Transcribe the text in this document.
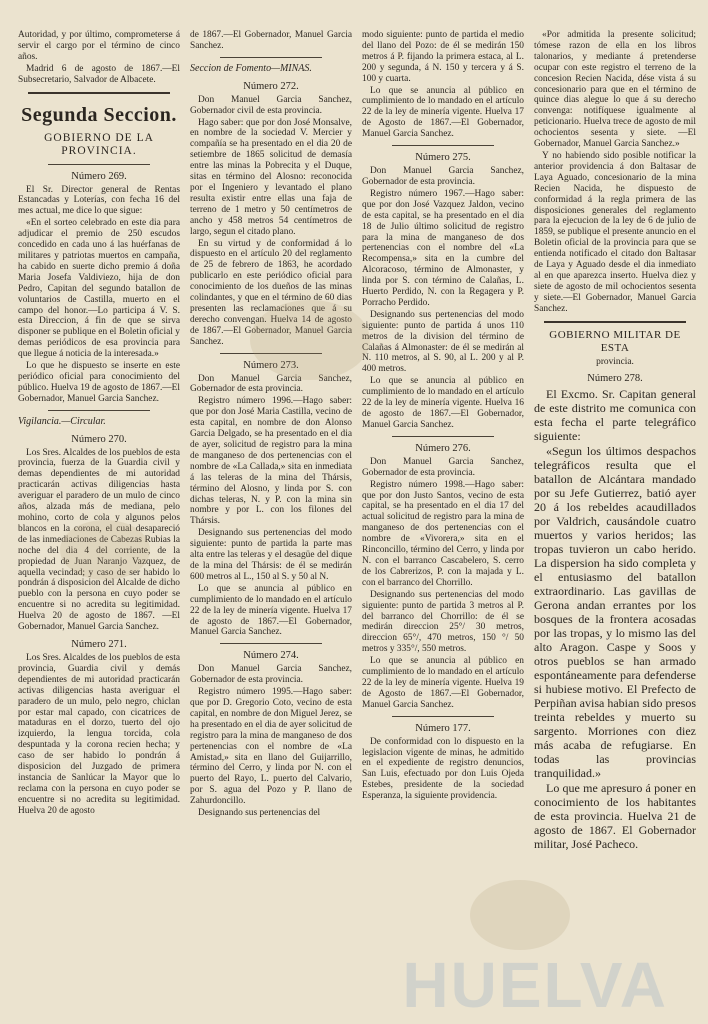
Autoridad, y por último, comprometerse á servir el cargo por el término de cinco años.

Madrid 6 de agosto de 1867.—El Subsecretario, Salvador de Albacete.

Segunda Seccion.
GOBIERNO DE LA PROVINCIA.

Número 269.

El Sr. Director general de Rentas Estancadas y Loterías, con fecha 16 del mes actual, me dice lo que sigue:

«En el sorteo celebrado en este dia para adjudicar el premio de 250 escudos concedido en cada uno á las huérfanas de militares y patriotas muertos en campaña, ha cabido en suerte dicho premio á doña Maria Josefa Valdiviezo, hija de don Pedro, Capitan del segundo batallon de voluntarios de Castilla, muerto en el campo del honor.—Lo participa á V. S. esta Direccion, á fin de que se sirva disponer se publique en el Boletin oficial y demas periódicos de esa provincia para que llegue á noticia de la interesada.»

Lo que he dispuesto se inserte en este periódico oficial para conocimiento del público. Huelva 19 de agosto de 1867.—El Gobernador, Manuel Garcia Sanchez.

Vigilancia.—Circular.

Número 270.

Los Sres. Alcaldes de los pueblos de esta provincia, fuerza de la Guardia civil y demas dependientes de mi autoridad practicarán activas diligencias hasta averiguar el paradero de un mulo de cinco años, alzada más de mediana, pelo mohino, corto de cola y algunos pelos blancos en la corona, el cual desapareció de las inmediaciones de Cabezas Rubias la noche del dia 4 del corriente, de la propiedad de Juan Naranjo Vazquez, de aquella vecindad; y caso de ser habido lo pondrán á disposicion del Alcalde de dicho pueblo con la persona en cuyo poder se encuentre si no acredita su legitimidad. Huelva 20 de agosto de 1867. —El Gobernador, Manuel Garcia Sanchez.

Número 271.

Los Sres. Alcaldes de los pueblos de esta provincia, Guardia civil y demás dependientes de mi autoridad practicarán activas diligencias hasta averiguar el paradero de un mulo, pelo negro, chiclan por estar mal capado, con cicatrices de mataduras en el dorzo, tuerto del ojo izquierdo, la lengua torcida, cola despuntada y la corona recien hecha; y caso de ser habido lo pondrán á disposicion del Juzgado de primera instancia de Sanlúcar la Mayor que lo reclama con la persona en cuyo poder se encuentre si no acredita su legitimidad. Huelva 20 de agosto

de 1867.—El Gobernador, Manuel Garcia Sanchez.

Seccion de Fomento—MINAS.

Número 272.

Don Manuel Garcia Sanchez, Gobernador civil de esta provincia.

Hago saber: que por don José Monsalve, en nombre de la sociedad V. Mercier y compañía se ha presentado en el dia 20 de setiembre de 1865 solicitud de demasía entre las minas la Pobrecita y el Duque, sitas en término del Alosno: reconocida por el Ingeniero y levantado el plano resulta existir entre ellas una faja de terreno de 1 metro y 50 centímetros de ancho y 458 metros 54 centímetros de largo, segun el citado plano.

En su virtud y de conformidad á lo dispuesto en el artículo 20 del reglamento de 25 de febrero de 1863, he acordado publicarlo en este periódico oficial para conocimiento de los dueños de las minas colindantes, y que en el término de 60 dias presenten las reclamaciones que á su derecho convengan. Huelva 14 de agosto de 1867.—El Gobernador, Manuel Garcia Sanchez.

Número 273.

Don Manuel Garcia Sanchez, Gobernador de esta provincia.

Registro número 1996.—Hago saber: que por don José Maria Castilla, vecino de esta capital, en nombre de don Alonso Garcia Delgado, se ha presentado en el dia de ayer, solicitud de registro para la mina de manganeso de dos pertenencias con el nombre de «La Callada,» sita en inmediata á las teleras de la mina del Thársis, término del Alosno, y linda por S. con dichas teleras, N. y P. con la mina sin nombre y por L. con los filones del Thársis.

Designando sus pertenencias del modo siguiente: punto de partida la parte mas alta entre las teleras y el desagüe del dique de la mina del Thársis: de él se medirán 600 metros al L., 150 al S. y 50 al N.

Lo que se anuncia al público en cumplimiento de lo mandado en el artículo 22 de la ley de minería vigente. Huelva 17 de agosto de 1867.—El Gobernador, Manuel Garcia Sanchez.

Número 274.

Don Manuel Garcia Sanchez, Gobernador de esta provincia.

Registro número 1995.—Hago saber: que por D. Gregorio Coto, vecino de esta capital, en nombre de don Miguel Jerez, se ha presentado en el dia de ayer solicitud de registro para la mina de manganeso de dos pertenencias con el nombre de «La Amistad,» sita en llano del Guijarrillo, término del Cerro, y linda por N. con el puerto del Rayo, L. puerto del Calvario, por S. agua del Pozo y P. llano de Zahurdoncillo.

Designando sus pertenencias del

modo siguiente: punto de partida el medio del llano del Pozo: de él se medirán 150 metros á P. fijando la primera estaca, al L. 200 y segunda, á N. 150 y tercera y á S. 100 y cuarta.

Lo que se anuncia al público en cumplimiento de lo mandado en el artículo 22 de la ley de minería vigente. Huelva 17 de Agosto de 1867.—El Gobernador, Manuel Garcia Sanchez.

Número 275.

Don Manuel Garcia Sanchez, Gobernador de esta provincia.

Registro número 1967.—Hago saber: que por don José Vazquez Jaldon, vecino de esta capital, se ha presentado en el dia 18 de Julio último solicitud de registro para la mina de manganeso de dos pertenencias con el nombre del «La Recompensa,» sita en la cumbre del Alcoracoso, término de Almonaster, y linda por S. con término de Calañas, L. Huerto Perdido, N. con la Regagera y P. Porracho Perdido.

Designando sus pertenencias del modo siguiente: punto de partida á unos 110 metros de la division del término de Calañas á Almonaster: de él se medirán al N. 110 metros, al S. 90, al L. 200 y al P. 400 metros.

Lo que se anuncia al público en cumplimiento de lo mandado en el artículo 22 de la ley de minería vigente. Huelva 16 de agosto de 1867.—El Gobernador, Manuel Garcia Sanchez.

Número 276.

Don Manuel Garcia Sanchez, Gobernador de esta provincia.

Registro número 1998.—Hago saber: que por don Justo Santos, vecino de esta capital, se ha presentado en el dia 17 del actual solicitud de registro para la mina de manganeso de dos pertenencias con el nombre de «Vivorera,» sita en el Rinconcillo, término del Cerro, y linda por N. con el barranco Cascabelero, S. cerro de los Cabrerizos, P. con la majada y L. con el barranco del Chorrillo.

Designando sus pertenencias del modo siguiente: punto de partida 3 metros al P. del barranco del Chorrillo: de él se medirán direccion 25°/ 30 metros, direccion 65°/, 470 metros, 150 °/ 50 metros y 335°/, 550 metros.

Lo que se anuncia al público en cumplimiento de lo mandado en el artículo 22 de la ley de minería vigente. Huelva 19 de Agosto de 1867.—El Gobernador, Manuel Garcia Sanchez.

Número 177.

De conformidad con lo dispuesto en la legislacion vigente de minas, he admitido en el expediente de registro denuncios, San Luis, efectuado por don Luis Ojeda Estebes, presidente de la sociedad Esperanza, la siguiente providencia.

«Por admitida la presente solicitud; tómese razon de ella en los libros talonarios, y mediante á pretenderse ocupar con este registro el terreno de la concesion Recien Nacida, dése vista á su concesionario para que en el término de quince dias alegue lo que á su derecho convenga: notifíquese igualmente al peticionario. Huelva trece de agosto de mil ochocientos sesenta y siete. —El Gobernador, Manuel Garcia Sanchez.»

Y no habiendo sido posible notificar la anterior providencia á don Baltasar de Laya Aguado, concesionario de la mina Recien Nacida, he dispuesto de conformidad á la regla primera de las disposiciones generales del reglamento para la ejecucion de la ley de 6 de julio de 1859, se publique el presente anuncio en el Boletin oficial de la provincia para que se entienda notificado el citado don Baltasar de Laya y Aguado desde el dia inmediato al en que aparezca inserto. Huelva diez y siete de agosto de mil ochocientos sesenta y siete.—El Gobernador, Manuel Garcia Sanchez.

GOBIERNO MILITAR DE ESTA

provincia.

Número 278.

El Excmo. Sr. Capitan general de este distrito me comunica con esta fecha el parte telegráfico siguiente:

«Segun los últimos despachos telegráficos resulta que el batallon de Alcántara mandado por su Jefe Gutierrez, batió ayer 20 á los rebeldes acaudillados por Valdrich, causándole cuatro muertos y varios heridos; las tropas tuvieron un cabo herido. La dispersion ha sido completa y el entusiasmo del batallon extraordinario. Las gavillas de Gerona andan errantes por los bosques de la frontera acosadas por las tropas, y lo mismo las del alto Aragon. Caspe y Soos y otros pueblos se han armado espontáneamente para defenderse si hubiese motivo. El Prefecto de Perpiñan avisa habian sido presos treinta rebeldes y muerto su sargento. Morriones con diez más acaba de refugiarse. En todas las provincias tranquilidad.»

Lo que me apresuro á poner en conocimiento de los habitantes de esta provincia. Huelva 21 de agosto de 1867. El Gobernador militar, José Pacheco.

HUELVA
